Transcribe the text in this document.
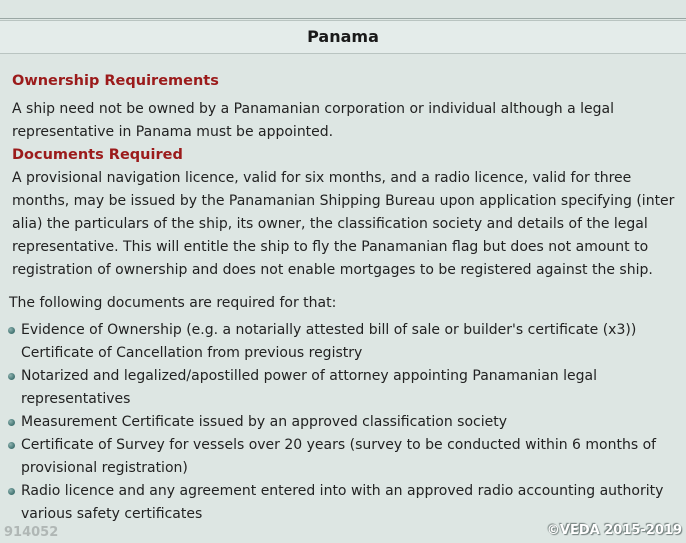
Panama
Ownership Requirements

A ship need not be owned by a Panamanian corporation or individual although a legal representative in Panama must be appointed.

Documents Required

A provisional navigation licence, valid for six months, and a radio licence, valid for three months, may be issued by the Panamanian Shipping Bureau upon application specifying (inter alia) the particulars of the ship, its owner, the classification society and details of the legal representative. This will entitle the ship to fly the Panamanian flag but does not amount to registration of ownership and does not enable mortgages to be registered against the ship.

The following documents are required for that:

Evidence of Ownership (e.g. a notarially attested bill of sale or builder's certificate (x3))
Certificate of Cancellation from previous registry
Notarized and legalized/apostilled power of attorney appointing Panamanian legal
representatives
Measurement Certificate issued by an approved classification society
Certificate of Survey for vessels over 20 years (survey to be conducted within 6 months of
provisional registration)
Radio licence and any agreement entered into with an approved radio accounting authority
various safety certificates
914052	©VEDA 2015-2019
